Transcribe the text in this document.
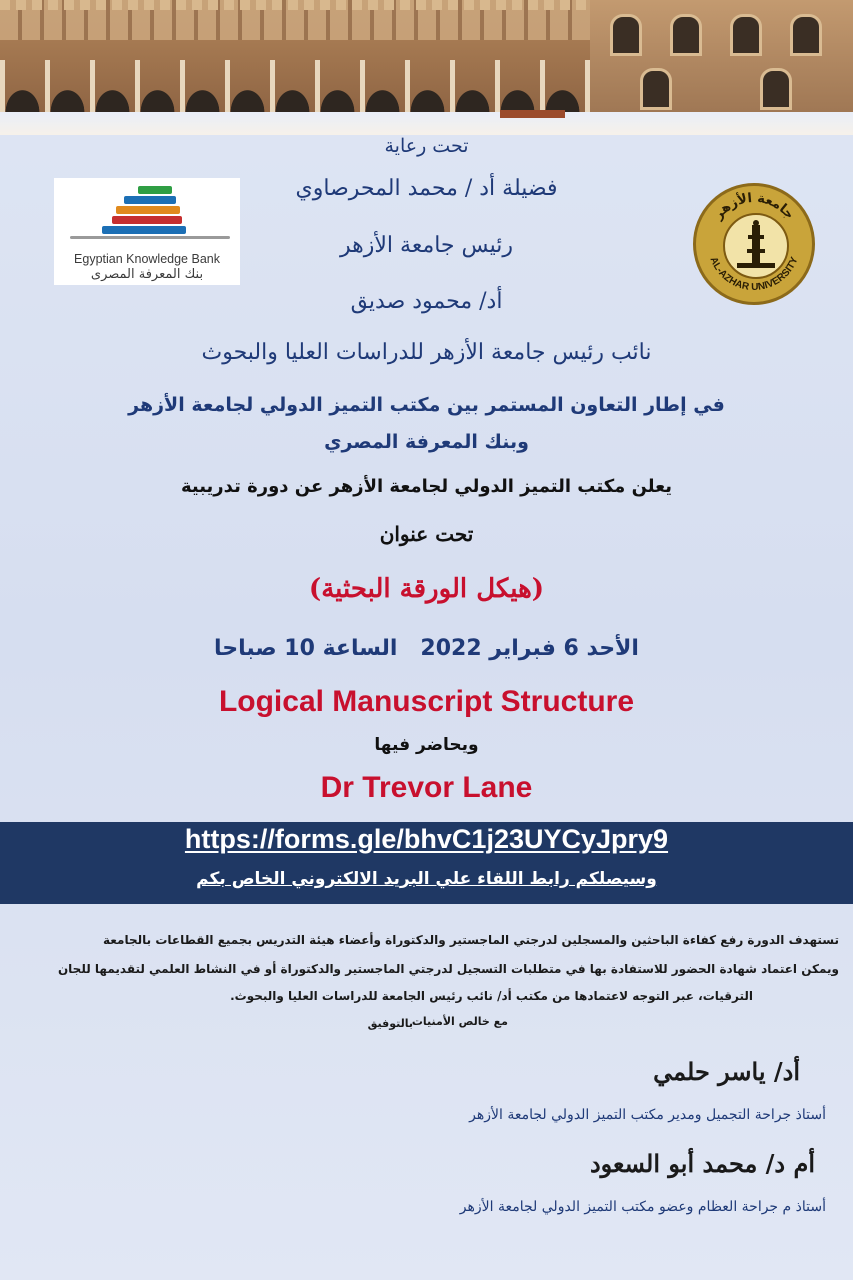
Egyptian Knowledge Bank
بنك المعرفة المصرى
جامعة الأزهر
AL-AZHAR UNIVERSITY
تحت رعاية
فضيلة أد / محمد المحرصاوي
رئيس جامعة الأزهر
أد/ محمود صديق
نائب رئيس جامعة الأزهر للدراسات العليا والبحوث
في إطار التعاون المستمر بين مكتب التميز الدولي لجامعة الأزهر
وبنك المعرفة المصري
يعلن مكتب التميز الدولي لجامعة الأزهر عن دورة تدريبية
تحت عنوان
(هيكل الورقة البحثية)
الأحد 6 فبراير 2022   الساعة 10 صباحا
Logical Manuscript Structure
ويحاضر فيها
Dr Trevor Lane
https://forms.gle/bhvC1j23UYCyJpry9
وسيصلكم رابط اللقاء علي البريد الالكتروني الخاص بكم
تستهدف الدورة رفع كفاءة الباحثين والمسجلين لدرجتي الماجستير والدكتوراة وأعضاء هيئة التدريس بجميع القطاعات بالجامعة
ويمكن اعتماد شهادة الحضور للاستفادة بها في متطلبات التسجيل لدرجتي الماجستير والدكتوراة أو في النشاط العلمي لتقديمها للجان
الترقيات، عبر التوجه لاعتمادها من مكتب أد/ نائب رئيس الجامعة للدراسات العليا والبحوث.
مع خالص الأمنيات
بالتوفيق
أد/ ياسر حلمي
أستاذ جراحة التجميل ومدير مكتب التميز الدولي لجامعة الأزهر
أم د/ محمد أبو السعود
أستاذ م جراحة العظام وعضو مكتب التميز الدولي لجامعة الأزهر
